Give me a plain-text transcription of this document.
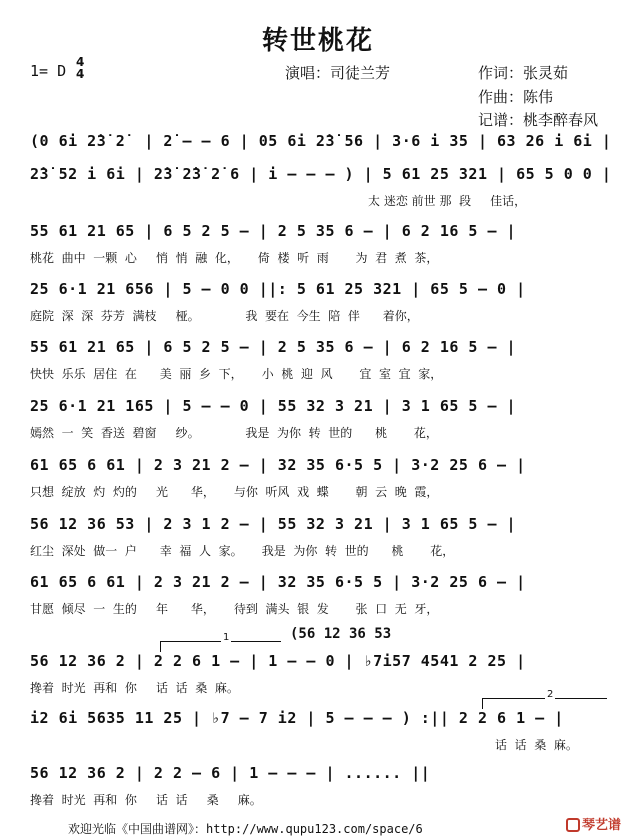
转世桃花
1= D 4
4	演唱：司徒兰芳	作词：张灵茹
作曲：陈伟
记谱：桃李醉春风
(0 6i 2̇3̇ 2̇  | 2̇ – – 6 | 05 6i 2̇3̇ 56 | 3·6 i 35 | 63 26 i 6i |
2̇3̇ 52 i 6i | 2̇3̇ 2̇3̇ 2̇ 6 | i – – – ) | 5 61 25 321 | 65 5 0 0 |
太 迷恋 前世 那  段     佳话，
55 61 21 65 | 6 5 2 5 – | 2 5 35 6 – | 6 2 16 5 – |
桃花  曲中  一颗  心     悄  悄  融  化，     倚  楼  听  雨       为  君  煮  茶，
25 6·1 21 656 | 5 – 0 0 ||: 5 61 25 321 | 65 5 – 0 |
庭院  深  深  芬芳  满枝     桠。            我  要在  今生  陪  伴      着你，
55 61 21 65 | 6 5 2 5 – | 2 5 35 6 – | 6 2 16 5 – |
快快  乐乐  居住  在      美  丽  乡  下，     小  桃  迎  风       宜  室  宜  家，
25 6·1 21 165 | 5 – – 0 | 55 32 3 21 | 3 1 65 5 – |
嫣然  一  笑  香送  碧窗     纱。            我是  为你  转  世的      桃       花，
61 65 6 61 | 2 3 21 2 – | 32 35 6·5 5 | 3·2 25 6 – |
只想  绽放  灼  灼的     光      华，     与你  听风  戏  蝶       朝  云  晚  霞，
56 12 36 53 | 2 3 1 2 – | 55 32 3 21 | 3 1 65 5 – |
红尘  深处  做一  户      幸  福  人  家。     我是  为你  转  世的      桃       花，
61 65 6 61 | 2 3 21 2 – | 32 35 6·5 5 | 3·2 25 6 – |
甘愿  倾尽  一  生的     年      华，     待到  满头  银  发       张  口  无  牙，
(56 12 36 53
1
56 12 36 2 | 2 2 6 1 – | 1 – – 0 | ♭7i57 4541 2 25 |
搀着  时光  再和  你     话  话  桑  麻。	2
i2 6i 5635 11 25 | ♭7 – 7 i2 | 5 – – – ) :|| 2 2 6 1 – |
话  话  桑  麻。
56 12 36 2 | 2 2 – 6 | 1 – – – | ...... ||
搀着  时光  再和  你     话  话     桑     麻。
欢迎光临《中国曲谱网》：http://www.qupu123.com/space/6	琴艺谱
